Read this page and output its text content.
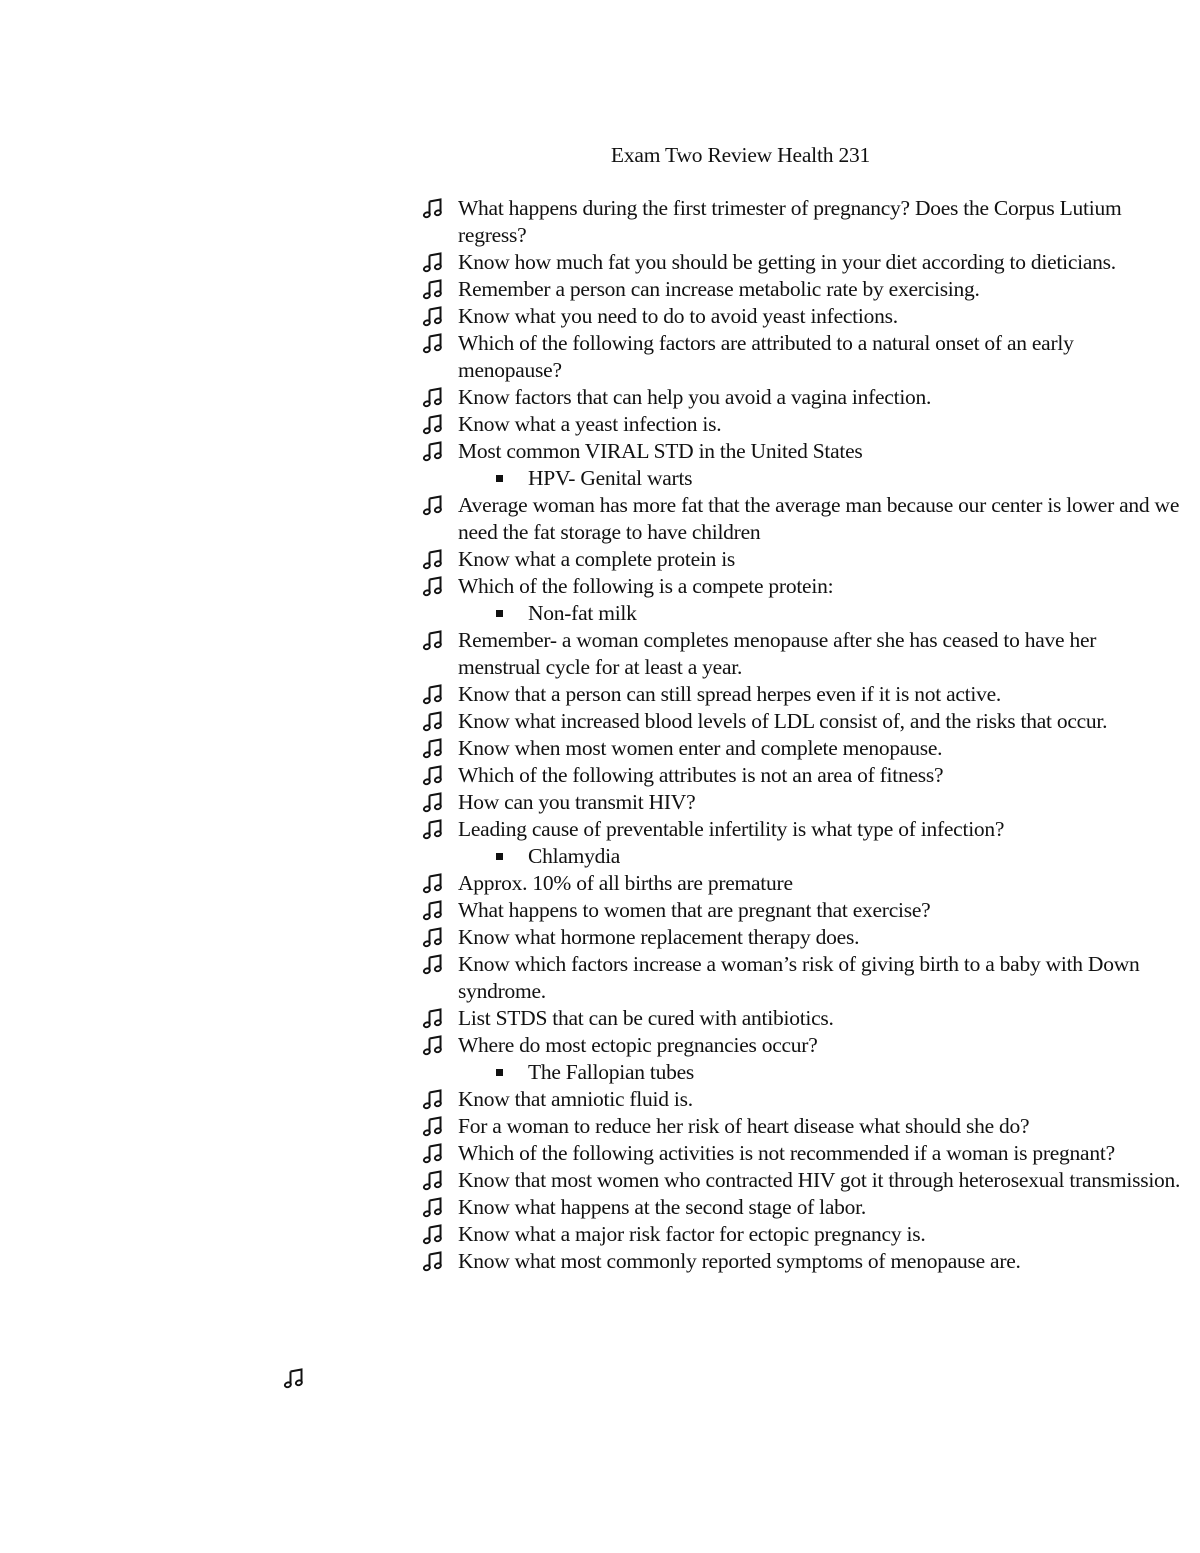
Exam Two Review Health 231
What happens during the first trimester of pregnancy? Does the Corpus Lutium regress?
Know how much fat you should be getting in your diet according to dieticians.
Remember a person can increase metabolic rate by exercising.
Know what you need to do to avoid yeast infections.
Which of the following factors are attributed to a natural onset of an early menopause?
Know factors that can help you avoid a vagina infection.
Know what a yeast infection is.
Most common VIRAL STD in the United States
HPV- Genital warts
Average woman has more fat that the average man because our center is lower and we need the fat storage to have children
Know what a complete protein is
Which of the following is a compete protein:
Non-fat milk
Remember- a woman completes menopause after she has ceased to have her menstrual cycle for at least a year.
Know that a person can still spread herpes even if it is not active.
Know what increased blood levels of LDL consist of, and the risks that occur.
Know when most women enter and complete menopause.
Which of the following attributes is not an area of fitness?
How can you transmit HIV?
Leading cause of preventable infertility is what type of infection?
Chlamydia
Approx. 10% of all births are premature
What happens to women that are pregnant that exercise?
Know what hormone replacement therapy does.
Know which factors increase a woman’s risk of giving birth to a baby with Down syndrome.
List STDS that can be cured with antibiotics.
Where do most ectopic pregnancies occur?
The Fallopian tubes
Know that amniotic fluid is.
For a woman to reduce her risk of heart disease what should she do?
Which of the following activities is not recommended if a woman is pregnant?
Know that most women who contracted HIV got it through heterosexual transmission.
Know what happens at the second stage of labor.
Know what a major risk factor for ectopic pregnancy is.
Know what most commonly reported symptoms of menopause are.
